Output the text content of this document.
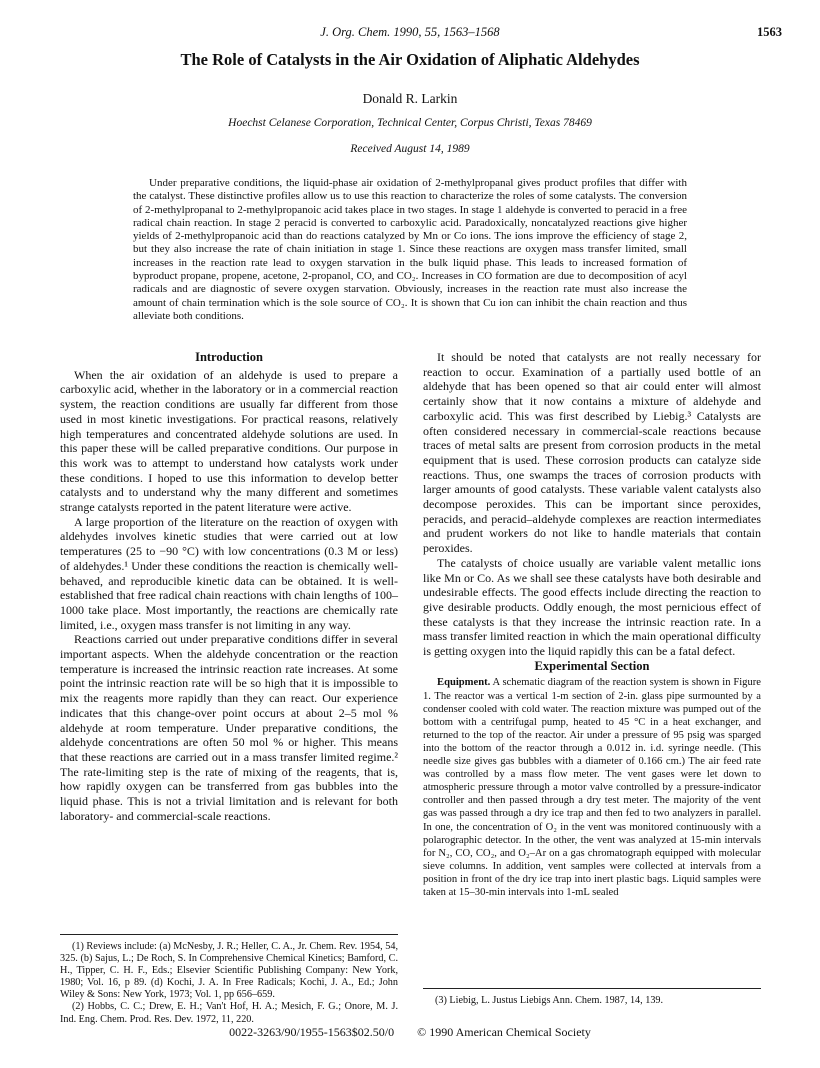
J. Org. Chem. 1990, 55, 1563–1568	1563
The Role of Catalysts in the Air Oxidation of Aliphatic Aldehydes
Donald R. Larkin
Hoechst Celanese Corporation, Technical Center, Corpus Christi, Texas 78469
Received August 14, 1989
Under preparative conditions, the liquid-phase air oxidation of 2-methylpropanal gives product profiles that differ with the catalyst. These distinctive profiles allow us to use this reaction to characterize the roles of some catalysts. The conversion of 2-methylpropanal to 2-methylpropanoic acid takes place in two stages. In stage 1 aldehyde is converted to peracid in a free radical chain reaction. In stage 2 peracid is converted to carboxylic acid. Paradoxically, noncatalyzed reactions give higher yields of 2-methylpropanoic acid than do reactions catalyzed by Mn or Co ions. The ions improve the efficiency of stage 2, but they also increase the rate of chain initiation in stage 1. Since these reactions are oxygen mass transfer limited, small increases in the reaction rate lead to oxygen starvation in the bulk liquid phase. This leads to increased formation of byproduct propane, propene, acetone, 2-propanol, CO, and CO₂. Increases in CO formation are due to decomposition of acyl radicals and are diagnostic of severe oxygen starvation. Obviously, increases in the reaction rate must also increase the amount of chain termination which is the sole source of CO₂. It is shown that Cu ion can inhibit the chain reaction and thus alleviate both conditions.
Introduction

When the air oxidation of an aldehyde is used to prepare a carboxylic acid, whether in the laboratory or in a commercial reaction system, the reaction conditions are usually far different from those used in most kinetic investigations. For practical reasons, relatively high temperatures and concentrated aldehyde solutions are used. In this paper these will be called preparative conditions. Our purpose in this work was to attempt to understand how catalysts work under these conditions. I hoped to use this information to develop better catalysts and to understand why the many different and sometimes strange catalysts reported in the patent literature were active.

A large proportion of the literature on the reaction of oxygen with aldehydes involves kinetic studies that were carried out at low temperatures (25 to −90 °C) with low concentrations (0.3 M or less) of aldehydes.¹ Under these conditions the reaction is chemically well-behaved, and reproducible kinetic data can be obtained. It is well-established that free radical chain reactions with chain lengths of 100–1000 take place. Most importantly, the reactions are chemically rate limited, i.e., oxygen mass transfer is not limiting in any way.

Reactions carried out under preparative conditions differ in several important aspects. When the aldehyde concentration or the reaction temperature is increased the intrinsic reaction rate increases. At some point the intrinsic reaction rate will be so high that it is impossible to mix the reagents more rapidly than they can react. Our experience indicates that this change-over point occurs at about 2–5 mol % aldehyde at room temperature. Under preparative conditions, the aldehyde concentrations are often 50 mol % or higher. This means that these reactions are carried out in a mass transfer limited regime.² The rate-limiting step is the rate of mixing of the reagents, that is, how rapidly oxygen can be transferred from gas bubbles into the liquid phase. This is not a trivial limitation and is relevant for both laboratory- and commercial-scale reactions.

It should be noted that catalysts are not really necessary for reaction to occur. Examination of a partially used bottle of an aldehyde that has been opened so that air could enter will almost certainly show that it now contains a mixture of aldehyde and carboxylic acid. This was first described by Liebig.³ Catalysts are often considered necessary in commercial-scale reactions because traces of metal salts are present from corrosion products in the metal equipment that is used. These corrosion products can catalyze side reactions. Thus, one swamps the traces of corrosion products with larger amounts of good catalysts. These variable valent catalysts also decompose peroxides. This can be important since peroxides, peracids, and peracid–aldehyde complexes are reaction intermediates and prudent workers do not like to handle materials that contain peroxides.

The catalysts of choice usually are variable valent metallic ions like Mn or Co. As we shall see these catalysts have both desirable and undesirable effects. The good effects include directing the reaction to give desirable products. Oddly enough, the most pernicious effect of these catalysts is that they increase the intrinsic reaction rate. In a mass transfer limited reaction in which the main operational difficulty is getting oxygen into the liquid rapidly this can be a fatal defect.

Experimental Section

Equipment. A schematic diagram of the reaction system is shown in Figure 1. The reactor was a vertical 1-m section of 2-in. glass pipe surmounted by a condenser cooled with cold water. The reaction mixture was pumped out of the bottom with a centrifugal pump, heated to 45 °C in a heat exchanger, and returned to the top of the reactor. Air under a pressure of 95 psig was sparged into the bottom of the reactor through a 0.012 in. i.d. syringe needle. (This needle size gives gas bubbles with a diameter of 0.166 cm.) The air feed rate was controlled by a mass flow meter. The vent gases were let down to atmospheric pressure through a motor valve controlled by a pressure-indicator controller and then passed through a dry test meter. The majority of the vent gas was passed through a dry ice trap and then fed to two analyzers in parallel. In one, the concentration of O₂ in the vent was monitored continuously with a polarographic detector. In the other, the vent was analyzed at 15-min intervals for N₂, CO, CO₂, and O₂–Ar on a gas chromatograph equipped with molecular sieve columns. In addition, vent samples were collected at intervals from a position in front of the dry ice trap into inert plastic bags. Liquid samples were taken at 15–30-min intervals into 1-mL sealed

(1) Reviews include: (a) McNesby, J. R.; Heller, C. A., Jr. Chem. Rev. 1954, 54, 325. (b) Sajus, L.; De Roch, S. In Comprehensive Chemical Kinetics; Bamford, C. H., Tipper, C. H. F., Eds.; Elsevier Scientific Publishing Company: New York, 1980; Vol. 16, p 89. (d) Kochi, J. A. In Free Radicals; Kochi, J. A., Ed.; John Wiley & Sons: New York, 1973; Vol. 1, pp 656–659.

(2) Hobbs, C. C.; Drew, E. H.; Van't Hof, H. A.; Mesich, F. G.; Onore, M. J. Ind. Eng. Chem. Prod. Res. Dev. 1972, 11, 220.

(3) Liebig, L. Justus Liebigs Ann. Chem. 1987, 14, 139.

0022-3263/90/1955-1563$02.50/0 © 1990 American Chemical Society
